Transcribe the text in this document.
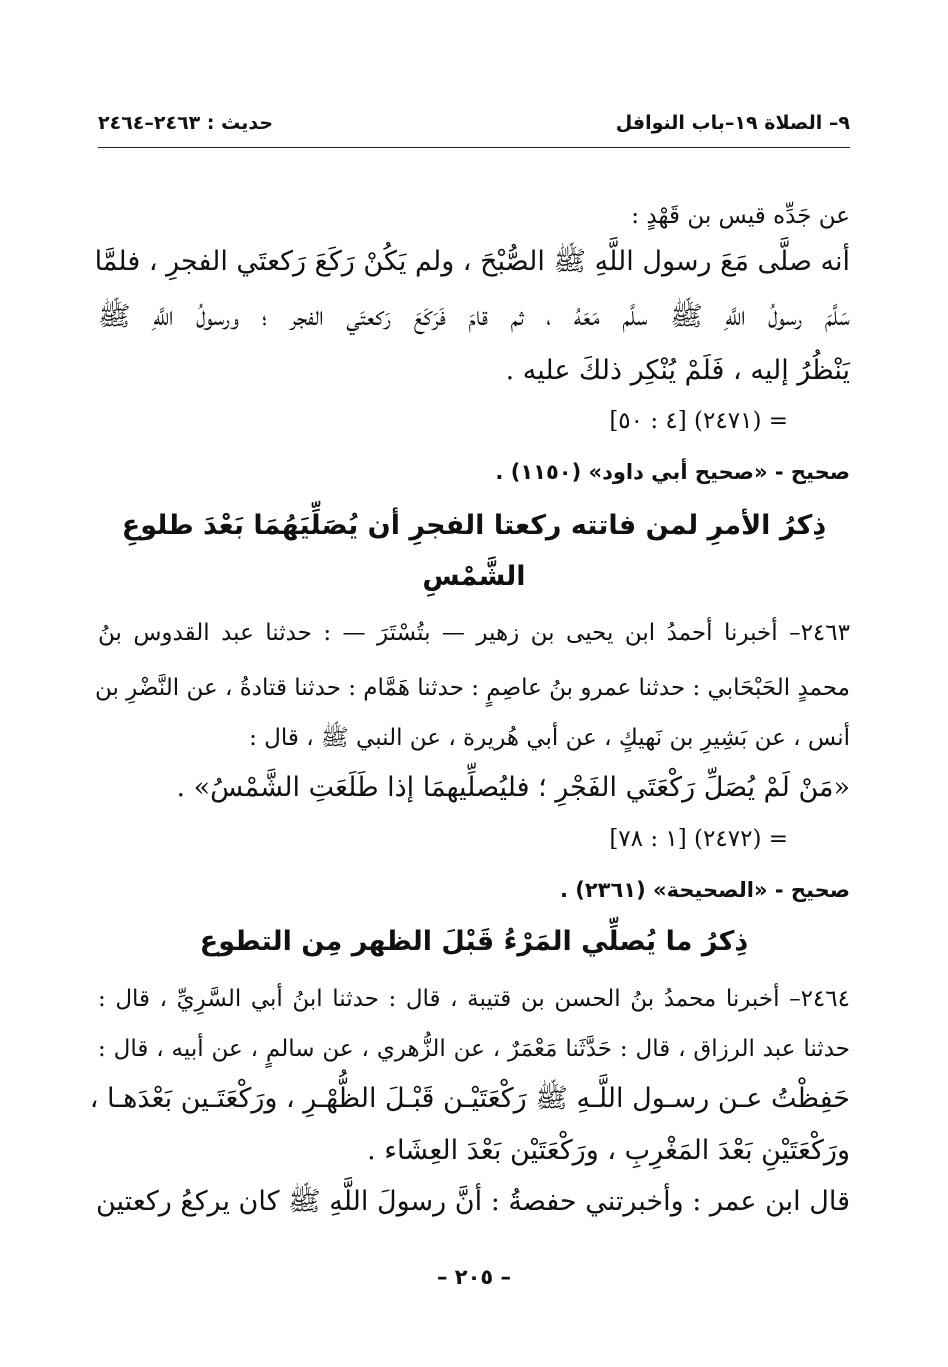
٩– الصلاة ١٩–باب النوافل
حديث : ٢٤٦٣–٢٤٦٤
عن جَدِّه قيس بن قَهْدٍ :
أنه صلَّى مَعَ رسول اللَّهِ ﷺ الصُّبْحَ ، ولم يَكُنْ رَكَعَ رَكعتَي الفجرِ ، فلمَّا
سَلَّمَ رسولُ اللَّهِ ﷺ سلَّم مَعَهُ ، ثم قامَ فَرَكَعَ رَكعتَي الفجر ؛ ورسولُ اللَّهِ ﷺ
يَنْظُرُ إليه ، فَلَمْ يُنْكِر ذلكَ عليه .
= (٢٤٧١) [٤ : ٥٠]
صحيح - «صحيح أبي داود» (١١٥٠) .
ذِكرُ الأمرِ لمن فاتته ركعتا الفجرِ أن يُصَلِّيَهُمَا بَعْدَ طلوعِ
الشَّمْسِ
٢٤٦٣– أخبرنا أحمدُ ابن يحيى بن زهير — بتُسْتَرَ — : حدثنا عبد القدوس بنُ
محمدٍ الحَبْحَابي : حدثنا عمرو بنُ عاصِمٍ : حدثنا هَمَّام : حدثنا قتادةُ ، عن النَّضْرِ بن
أنس ، عن بَشِيرِ بن نَهيكٍ ، عن أبي هُريرة ، عن النبي ﷺ ، قال :
«مَنْ لَمْ يُصَلِّ رَكْعَتَي الفَجْرِ ؛ فليُصلِّيهمَا إذا طَلَعَتِ الشَّمْسُ» .
= (٢٤٧٢) [١ : ٧٨]
صحيح - «الصحيحة» (٢٣٦١) .
ذِكرُ ما يُصلِّي المَرْءُ قَبْلَ الظهر مِن التطوع
٢٤٦٤– أخبرنا محمدُ بنُ الحسن بن قتيبة ، قال : حدثنا ابنُ أبي السَّرِيِّ ، قال :
حدثنا عبد الرزاق ، قال : حَدَّثَنا مَعْمَرٌ ، عن الزُّهري ، عن سالمٍ ، عن أبيه ، قال :
حَفِظْتُ عـن رسـول اللَّـهِ ﷺ رَكْعَتَيْـن قَبْـلَ الظُّهْـرِ ، ورَكْعَتَـين بَعْدَهـا ،
ورَكْعَتَيْنِ بَعْدَ المَغْرِبِ ، ورَكْعَتَيْن بَعْدَ العِشَاء .
قال ابن عمر : وأخبرتني حفصةُ : أنَّ رسولَ اللَّهِ ﷺ كان يركعُ ركعتين
– ٢٠٥ –
